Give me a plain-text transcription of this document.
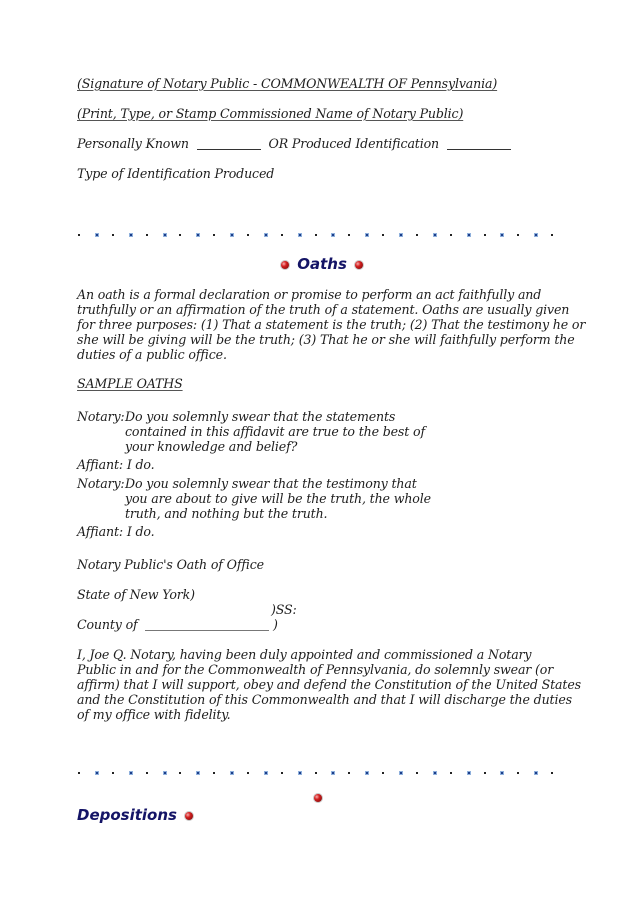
(Signature of Notary Public - COMMONWEALTH OF Pennsylvania)
(Print, Type, or Stamp Commissioned Name of Notary Public)
Personally Known	OR Produced Identification
Type of Identification Produced
Oaths
An oath is a formal declaration or promise to perform an act faithfully and
truthfully or an affirmation of the truth of a statement. Oaths are usually given
for three purposes: (1) That a statement is the truth; (2) That the testimony he or
she will be giving will be the truth; (3) That he or she will faithfully perform the
duties of a public office.
SAMPLE OATHS
Notary: Do you solemnly swear that the statements
contained in this affidavit are true to the best of
your knowledge and belief?
Affiant: I do.
Notary: Do you solemnly swear that the testimony that
you are about to give will be the truth, the whole
truth, and nothing but the truth.
Affiant: I do.
Notary Public's Oath of Office
State of New York)
)SS:
County of	)
I, Joe Q. Notary, having been duly appointed and commissioned a Notary
Public in and for the Commonwealth of Pennsylvania, do solemnly swear (or
affirm) that I will support, obey and defend the Constitution of the United States
and the Constitution of this Commonwealth and that I will discharge the duties
of my office with fidelity.
Depositions
